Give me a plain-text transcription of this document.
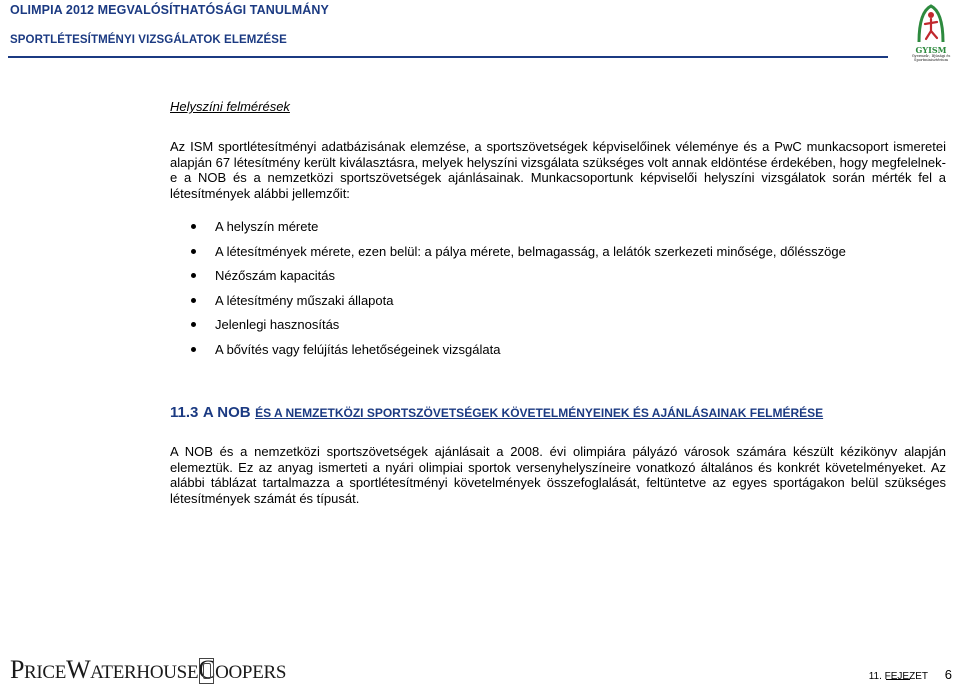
OLIMPIA 2012 MEGVALÓSÍTHATÓSÁGI TANULMÁNY
SPORTLÉTESÍTMÉNYI VIZSGÁLATOK ELEMZÉSE
GYISM
Gyermek-, Ifjúsági és Sportminisztérium
Helyszíni felmérések

Az ISM sportlétesítményi adatbázisának elemzése, a sportszövetségek képviselőinek véleménye és a PwC munkacsoport ismeretei alapján 67 létesítmény került kiválasztásra, melyek helyszíni vizsgálata szükséges volt annak eldöntése érdekében, hogy megfelelnek-e a NOB és a nemzetközi sportszövetségek ajánlásainak. Munkacsoportunk képviselői helyszíni vizsgálatok során mérték fel a létesítmények alábbi jellemzőit:

A helyszín mérete
A létesítmények mérete, ezen belül: a pálya mérete, belmagasság, a lelátók szerkezeti minősége, dőlésszöge
Nézőszám kapacitás
A létesítmény műszaki állapota
Jelenlegi hasznosítás
A bővítés vagy felújítás lehetőségeinek vizsgálata
11.3 A NOB ÉS A NEMZETKÖZI SPORTSZÖVETSÉGEK KÖVETELMÉNYEINEK ÉS AJÁNLÁSAINAK FELMÉRÉSE

A NOB és a nemzetközi sportszövetségek ajánlásait a 2008. évi olimpiára pályázó városok számára készült kézikönyv alapján elemeztük. Ez az anyag ismerteti a nyári olimpiai sportok versenyhelyszíneire vonatkozó általános és konkrét követelményeket. Az alábbi táblázat tartalmazza a sportlétesítményi követelmények összefoglalását, feltüntetve az egyes sportágakon belül szükséges létesítmények számát és típusát.

PRICEWATERHOUSECOOPERS	11. FEJEZET 6
